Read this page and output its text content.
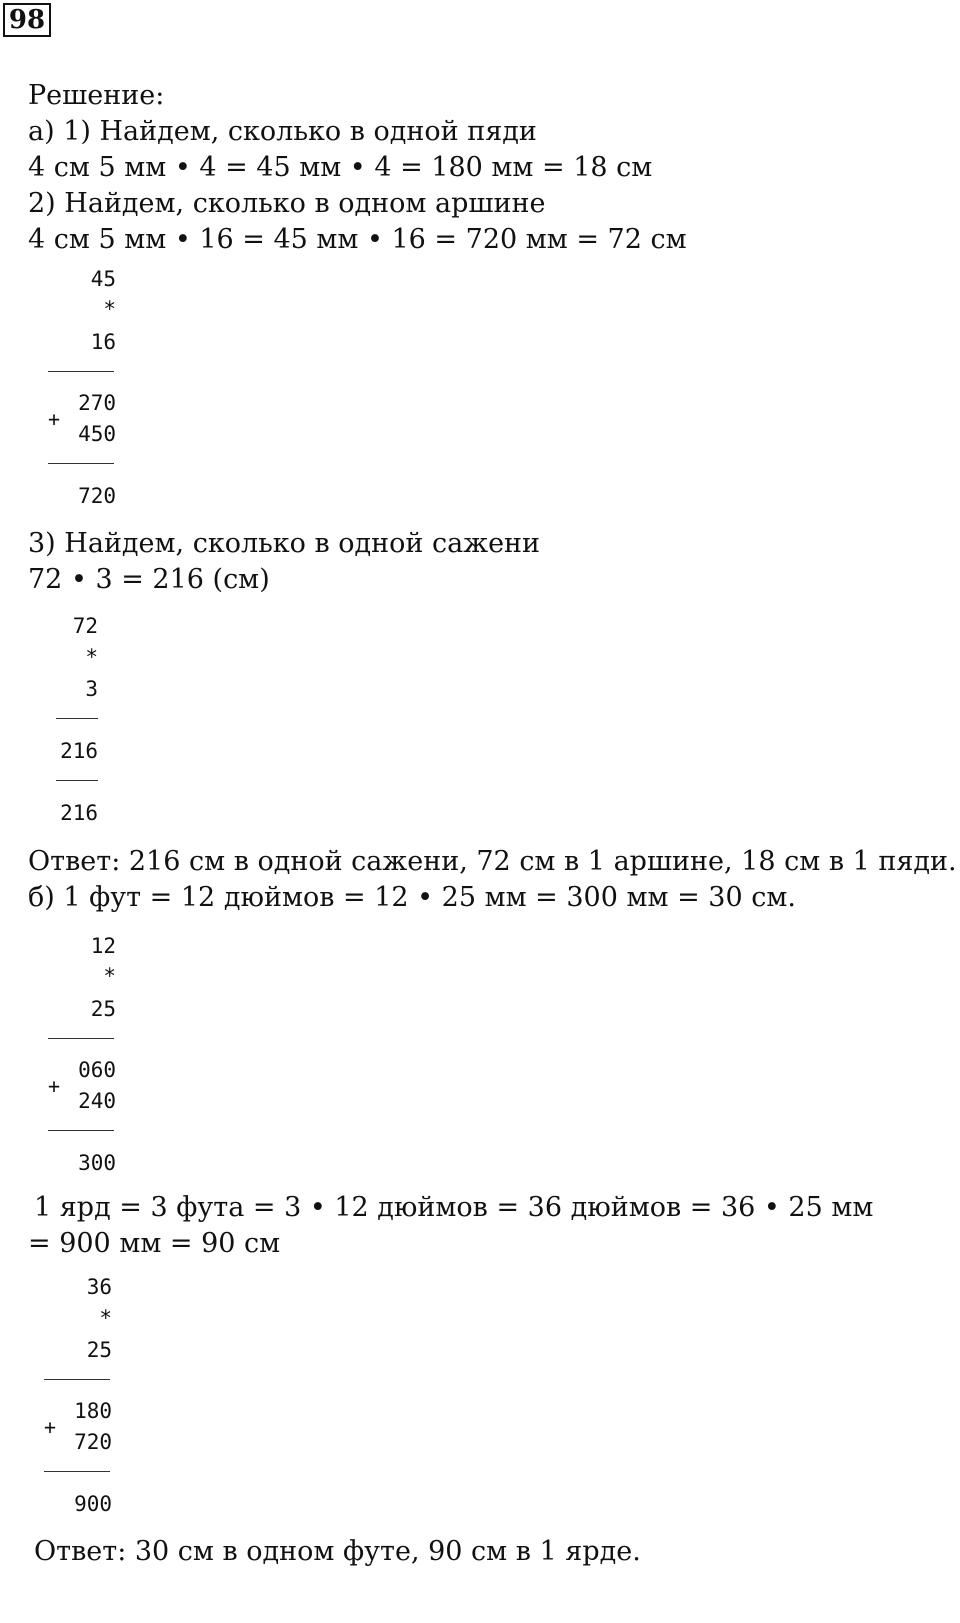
98
Решение:
а) 1) Найдем, сколько в одной пяди
4 см 5 мм • 4 = 45 мм • 4 = 180 мм = 18 см
2) Найдем, сколько в одном аршине
4 см 5 мм • 16 = 45 мм • 16 = 720 мм = 72 см
45
*
16
+
270
450
720
3) Найдем, сколько в одной сажени
72 • 3 = 216 (см)
72
*
3
216
216
Ответ: 216 см в одной сажени, 72 см в 1 аршине, 18 см в 1 пяди.
б) 1 фут = 12 дюймов = 12 • 25 мм = 300 мм = 30 см.
12
*
25
+
060
240
300
1 ярд = 3 фута = 3 • 12 дюймов = 36 дюймов = 36 • 25 мм
= 900 мм = 90 см
36
*
25
+
180
720
900
Ответ: 30 см в одном футе, 90 см в 1 ярде.
